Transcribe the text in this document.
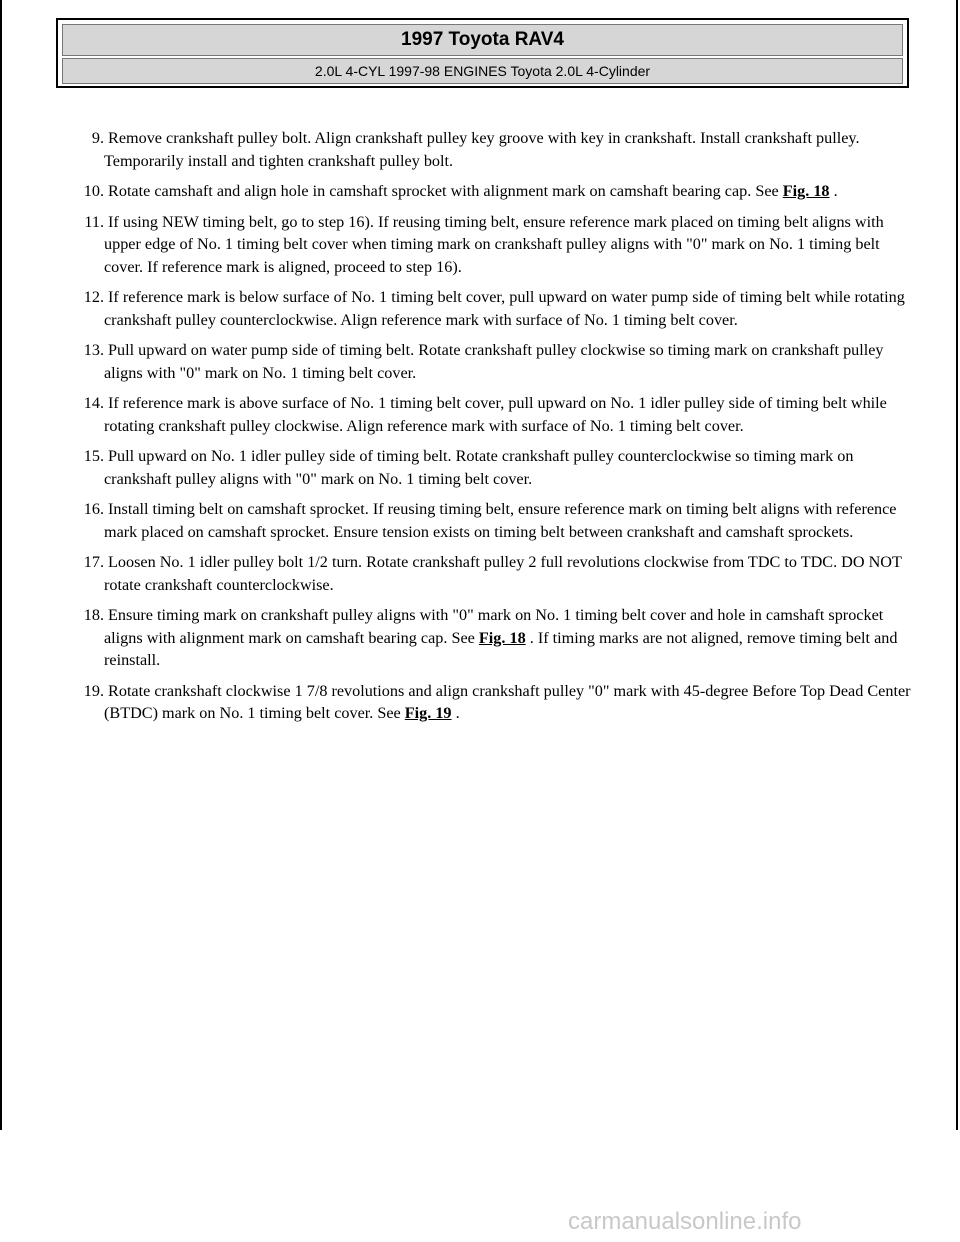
1997 Toyota RAV4
2.0L 4-CYL 1997-98 ENGINES Toyota 2.0L 4-Cylinder
9. Remove crankshaft pulley bolt. Align crankshaft pulley key groove with key in crankshaft. Install crankshaft pulley. Temporarily install and tighten crankshaft pulley bolt.
10. Rotate camshaft and align hole in camshaft sprocket with alignment mark on camshaft bearing cap. See Fig. 18 .
11. If using NEW timing belt, go to step 16). If reusing timing belt, ensure reference mark placed on timing belt aligns with upper edge of No. 1 timing belt cover when timing mark on crankshaft pulley aligns with "0" mark on No. 1 timing belt cover. If reference mark is aligned, proceed to step 16).
12. If reference mark is below surface of No. 1 timing belt cover, pull upward on water pump side of timing belt while rotating crankshaft pulley counterclockwise. Align reference mark with surface of No. 1 timing belt cover.
13. Pull upward on water pump side of timing belt. Rotate crankshaft pulley clockwise so timing mark on crankshaft pulley aligns with "0" mark on No. 1 timing belt cover.
14. If reference mark is above surface of No. 1 timing belt cover, pull upward on No. 1 idler pulley side of timing belt while rotating crankshaft pulley clockwise. Align reference mark with surface of No. 1 timing belt cover.
15. Pull upward on No. 1 idler pulley side of timing belt. Rotate crankshaft pulley counterclockwise so timing mark on crankshaft pulley aligns with "0" mark on No. 1 timing belt cover.
16. Install timing belt on camshaft sprocket. If reusing timing belt, ensure reference mark on timing belt aligns with reference mark placed on camshaft sprocket. Ensure tension exists on timing belt between crankshaft and camshaft sprockets.
17. Loosen No. 1 idler pulley bolt 1/2 turn. Rotate crankshaft pulley 2 full revolutions clockwise from TDC to TDC. DO NOT rotate crankshaft counterclockwise.
18. Ensure timing mark on crankshaft pulley aligns with "0" mark on No. 1 timing belt cover and hole in camshaft sprocket aligns with alignment mark on camshaft bearing cap. See Fig. 18 . If timing marks are not aligned, remove timing belt and reinstall.
19. Rotate crankshaft clockwise 1 7/8 revolutions and align crankshaft pulley "0" mark with 45-degree Before Top Dead Center (BTDC) mark on No. 1 timing belt cover. See Fig. 19 .
carmanualsonline.info
